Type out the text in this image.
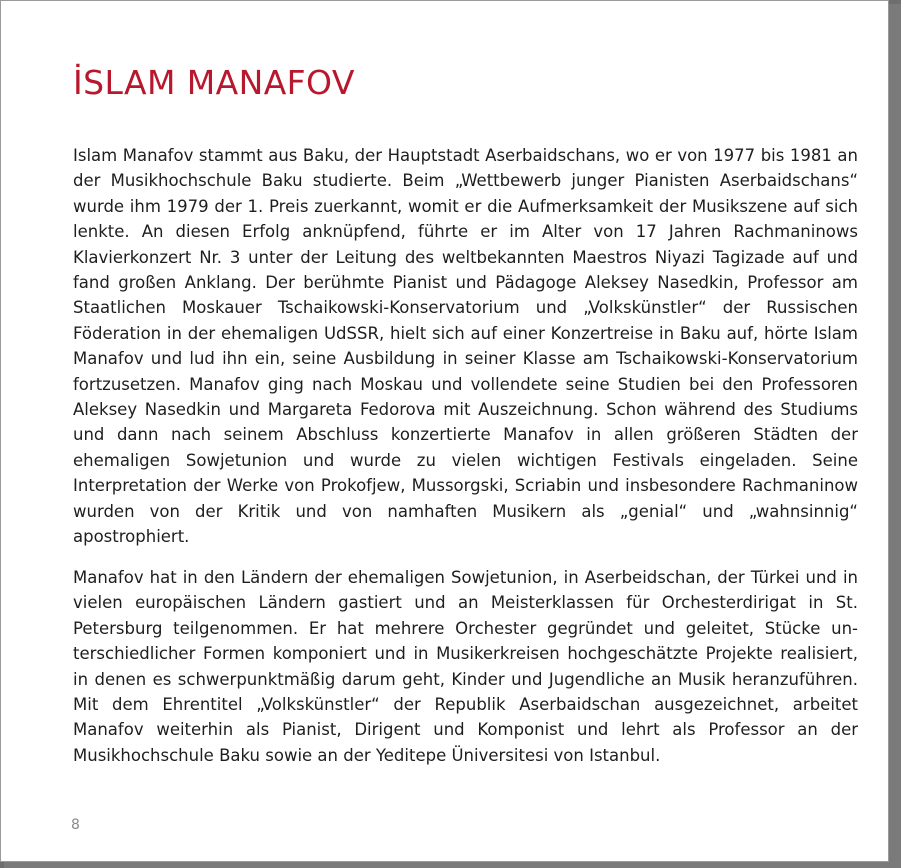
İSLAM MANAFOV

Islam Manafov stammt aus Baku, der Hauptstadt Aserbaidschans, wo er von 1977 bis 1981 an der Musikhochschule Baku studierte. Beim „Wettbewerb junger Pianisten Aserbaidschans“ wurde ihm 1979 der 1. Preis zuerkannt, womit er die Aufmerksamkeit der Musikszene auf sich lenkte. An diesen Erfolg anknüpfend, führte er im Alter von 17 Jahren Rachmaninows Klavierkonzert Nr. 3 unter der Leitung des weltbekannten Maestros Niyazi Tagizade auf und fand großen Anklang. Der berühmte Pianist und Pädagoge Aleksey Nasedkin, Professor am Staatlichen Moskauer Tschaikowski-Konservatorium und „Volkskünstler“ der Russischen Föderation in der ehemaligen UdSSR, hielt sich auf einer Konzertreise in Baku auf, hörte Islam Manafov und lud ihn ein, seine Ausbildung in seiner Klasse am Tschaikowski-Konservatorium fortzusetzen. Manafov ging nach Moskau und vollendete seine Studien bei den Professoren Aleksey Nasedkin und Margareta Fedorova mit Auszeichnung. Schon während des Studiums und dann nach seinem Abschluss konzertierte Manafov in allen größeren Städten der ehemaligen Sowjetunion und wurde zu vielen wichtigen Festivals eingeladen. Seine Interpretation der Werke von Prokofjew, Mussorgski, Scriabin und insbesondere Rachmaninow wurden von der Kritik und von namhaften Musikern als „genial“ und „wahnsinnig“ apostrophiert.

Manafov hat in den Ländern der ehemaligen Sowjetunion, in Aserbeidschan, der Türkei und in vielen europäischen Ländern gastiert und an Meisterklassen für Orchesterdirigat in St. Petersburg teilgenommen. Er hat mehrere Orchester gegründet und geleitet, Stücke unterschiedlicher Formen komponiert und in Musikerkreisen hochgeschätzte Projekte realisiert, in denen es schwerpunktmäßig darum geht, Kinder und Jugendliche an Musik heranzuführen. Mit dem Ehrentitel „Volkskünstler“ der Republik Aserbaidschan ausgezeichnet, arbeitet Manafov weiterhin als Pianist, Dirigent und Komponist und lehrt als Professor an der Musikhochschule Baku sowie an der Yeditepe Üniversitesi von Istanbul.

8
